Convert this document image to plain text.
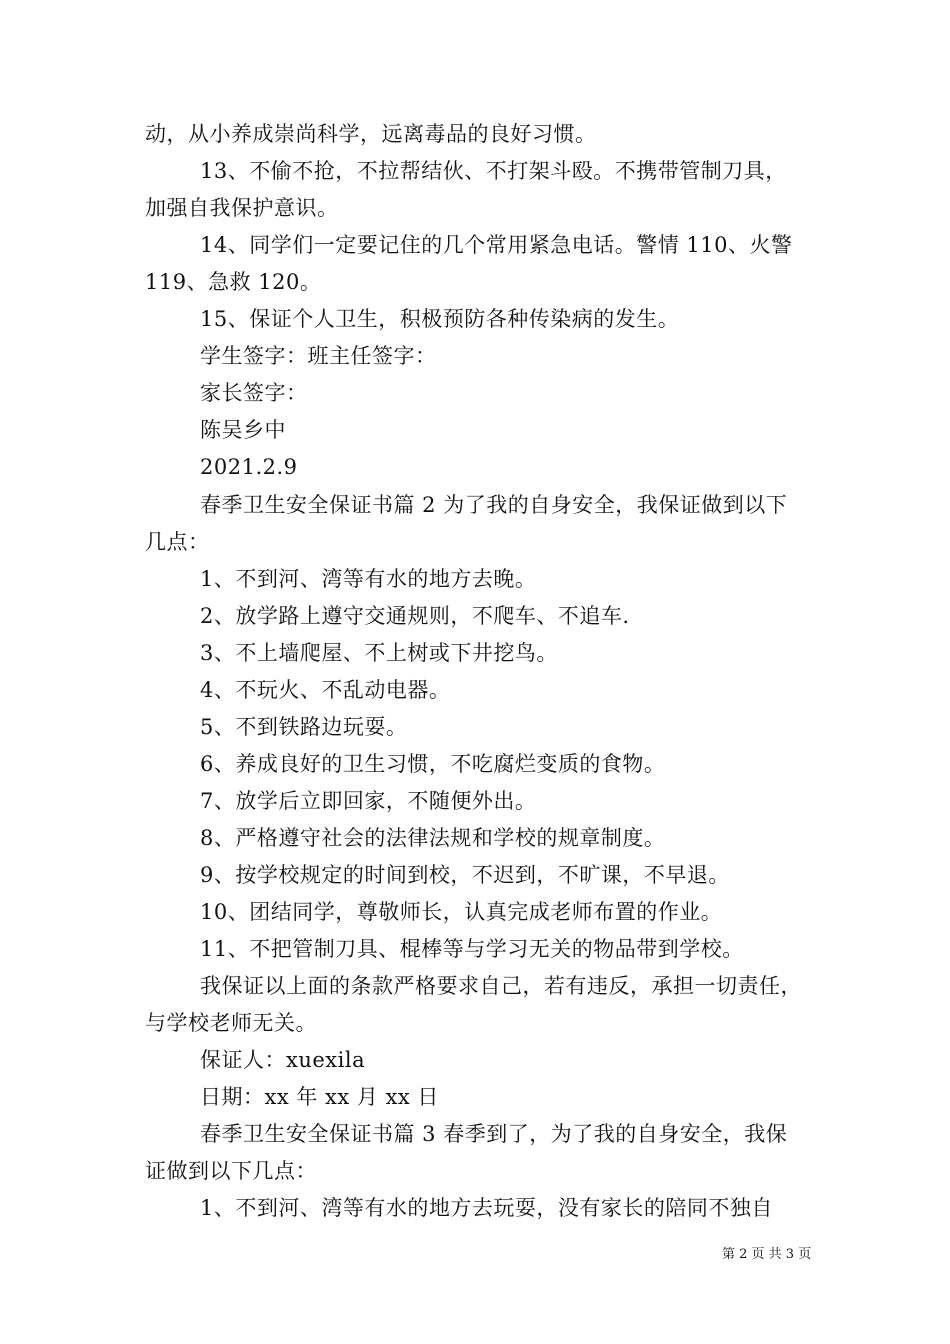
动，从小养成崇尚科学，远离毒品的良好习惯。
13、不偷不抢，不拉帮结伙、不打架斗殴。不携带管制刀具，
加强自我保护意识。
14、同学们一定要记住的几个常用紧急电话。警情 110、火警
119、急救 120。
15、保证个人卫生，积极预防各种传染病的发生。
学生签字：班主任签字：
家长签字：
陈吴乡中
2021.2.9
春季卫生安全保证书篇 2 为了我的自身安全，我保证做到以下
几点：
1、不到河、湾等有水的地方去晚。
2、放学路上遵守交通规则，不爬车、不追车.
3、不上墙爬屋、不上树或下井挖鸟。
4、不玩火、不乱动电器。
5、不到铁路边玩耍。
6、养成良好的卫生习惯，不吃腐烂变质的食物。
7、放学后立即回家，不随便外出。
8、严格遵守社会的法律法规和学校的规章制度。
9、按学校规定的时间到校，不迟到，不旷课，不早退。
10、团结同学，尊敬师长，认真完成老师布置的作业。
11、不把管制刀具、棍棒等与学习无关的物品带到学校。
我保证以上面的条款严格要求自己，若有违反，承担一切责任，
与学校老师无关。
保证人：xuexila
日期：xx 年 xx 月 xx 日
春季卫生安全保证书篇 3 春季到了，为了我的自身安全，我保
证做到以下几点：
1、不到河、湾等有水的地方去玩耍，没有家长的陪同不独自
第 2 页 共 3 页
